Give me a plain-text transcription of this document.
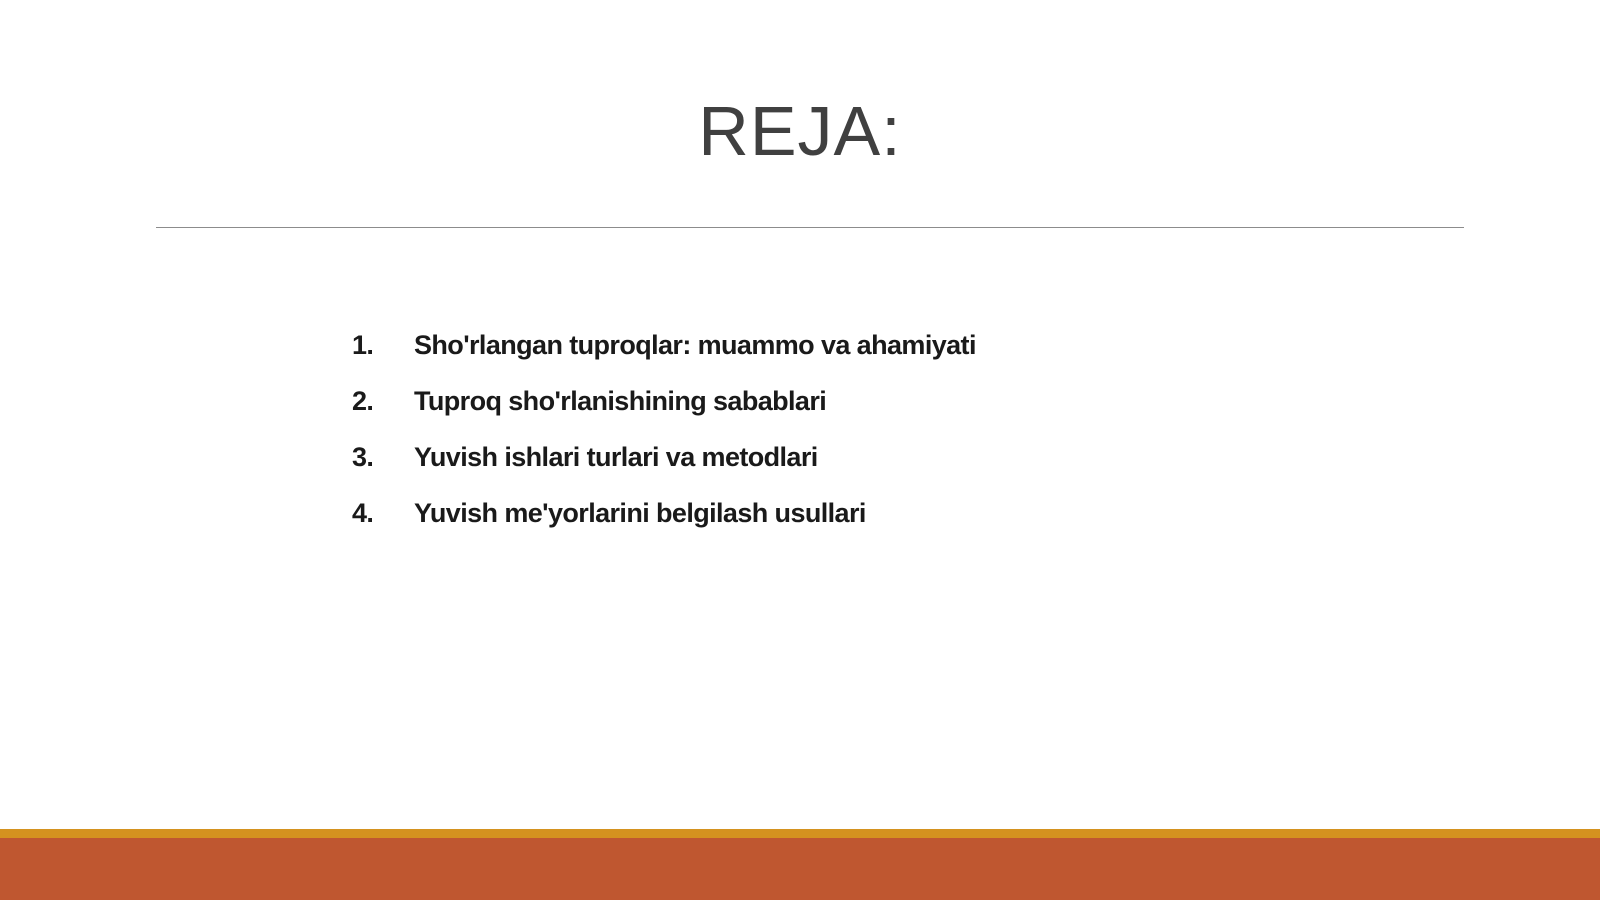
REJA:
1.	Sho'rlangan tuproqlar: muammo va ahamiyati
2.	Tuproq sho'rlanishining sabablari
3.	Yuvish ishlari turlari va metodlari
4.	Yuvish me'yorlarini belgilash usullari
